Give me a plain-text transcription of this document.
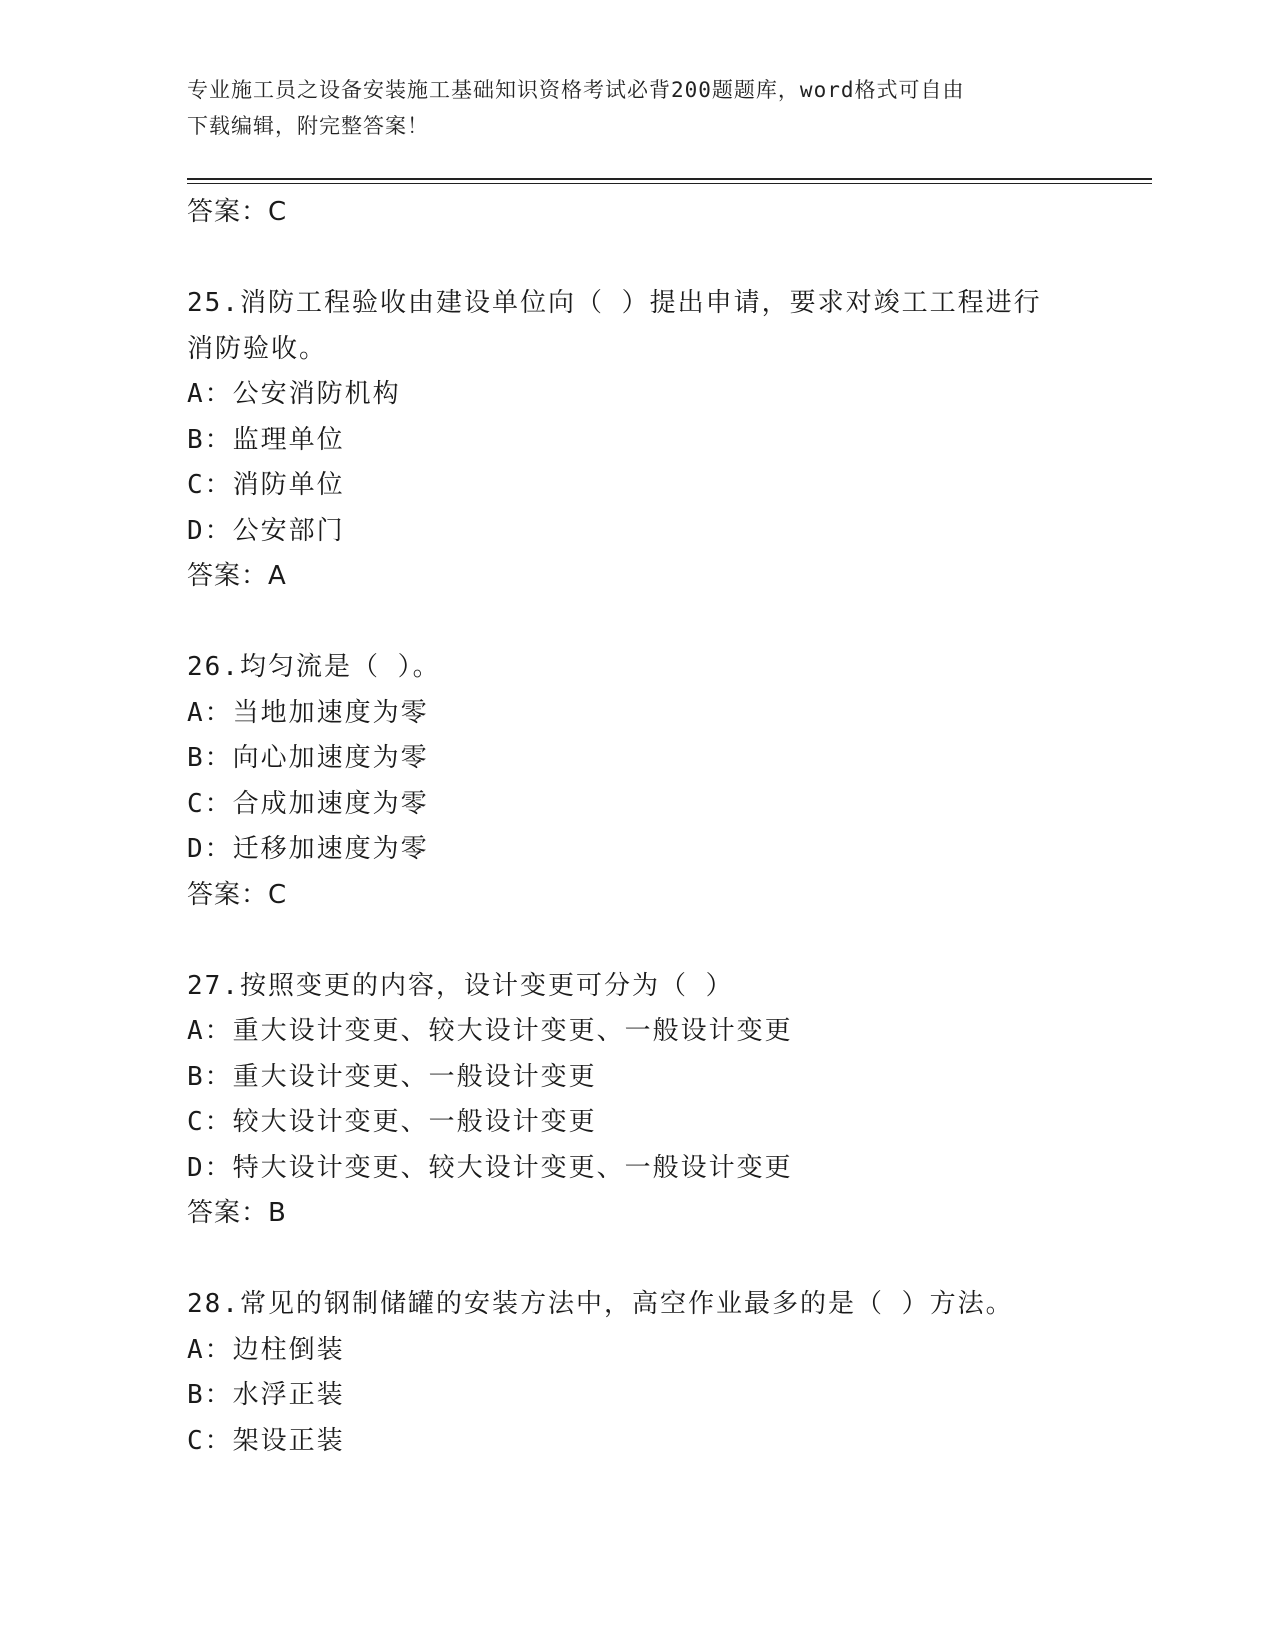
专业施工员之设备安装施工基础知识资格考试必背200题题库，word格式可自由
下载编辑，附完整答案！
答案：C
25.消防工程验收由建设单位向（ ）提出申请，要求对竣工工程进行
消防验收。
A：公安消防机构
B：监理单位
C：消防单位
D：公安部门
答案：A
26.均匀流是（ ）。
A：当地加速度为零
B：向心加速度为零
C：合成加速度为零
D：迁移加速度为零
答案：C
27.按照变更的内容，设计变更可分为（ ）
A：重大设计变更、较大设计变更、一般设计变更
B：重大设计变更、一般设计变更
C：较大设计变更、一般设计变更
D：特大设计变更、较大设计变更、一般设计变更
答案：B
28.常见的钢制储罐的安装方法中，高空作业最多的是（ ）方法。
A：边柱倒装
B：水浮正装
C：架设正装
